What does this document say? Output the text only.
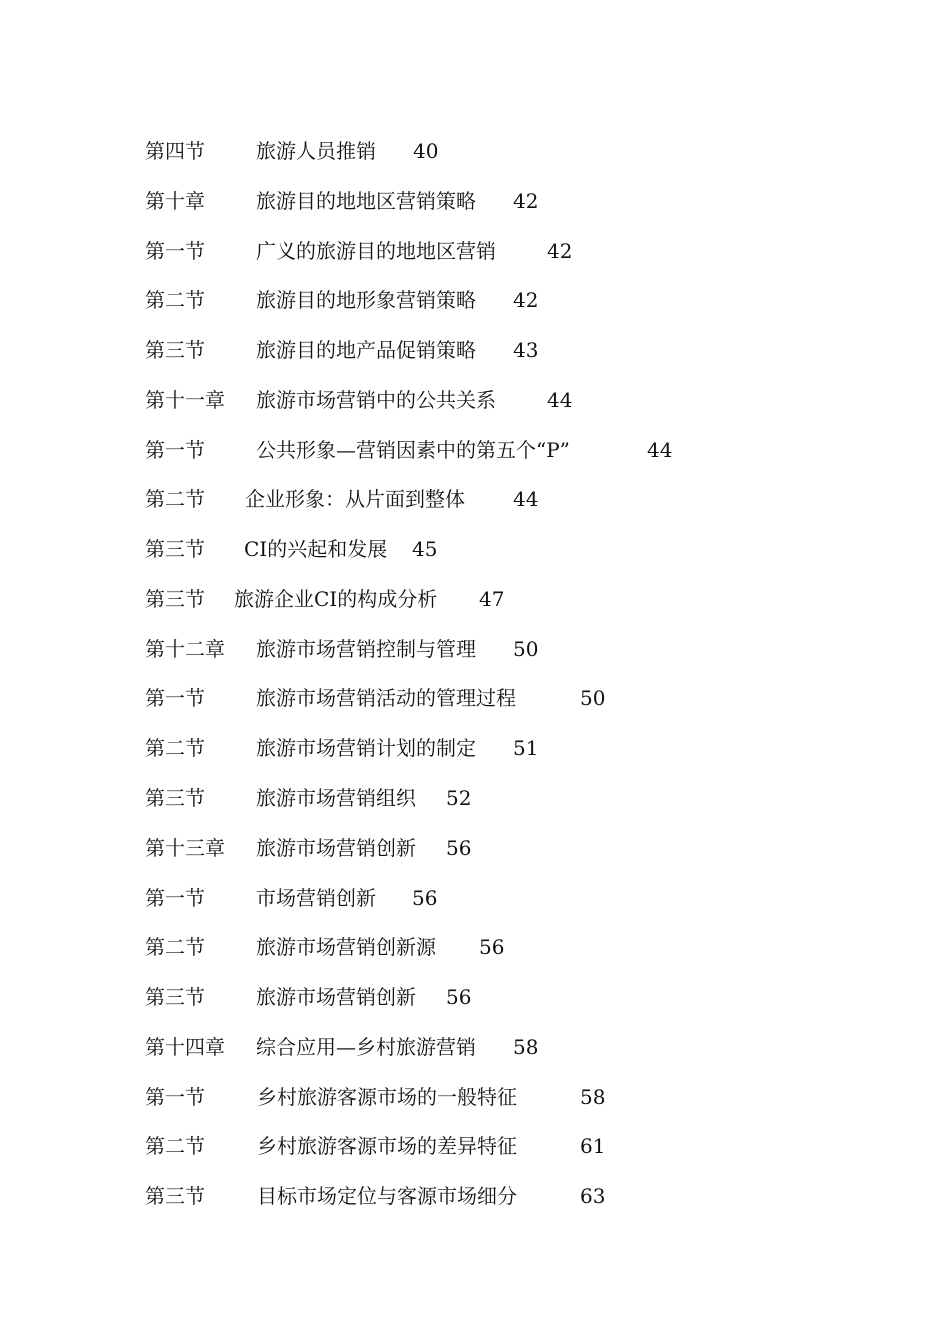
第四节	旅游人员推销 40
第十章	旅游目的地地区营销策略 42
第一节	广义的旅游目的地地区营销	42
第二节	旅游目的地形象营销策略 42
第三节	旅游目的地产品促销策略 43
第十一章 旅游市场营销中的公共关系	44
第一节	公共形象—营销因素中的第五个“P”	44
第二节 企业形象：从片面到整体 44
第三节 CI的兴起和发展 45
第三节 旅游企业CI的构成分析 47
第十二章 旅游市场营销控制与管理 50
第一节	旅游市场营销活动的管理过程	50
第二节	旅游市场营销计划的制定 51
第三节	旅游市场营销组织 52
第十三章 旅游市场营销创新 56
第一节	市场营销创新 56
第二节	旅游市场营销创新源 56
第三节	旅游市场营销创新 56
第十四章 综合应用—乡村旅游营销 58
第一节	乡村旅游客源市场的一般特征	58
第二节	乡村旅游客源市场的差异特征	61
第三节	目标市场定位与客源市场细分	63
